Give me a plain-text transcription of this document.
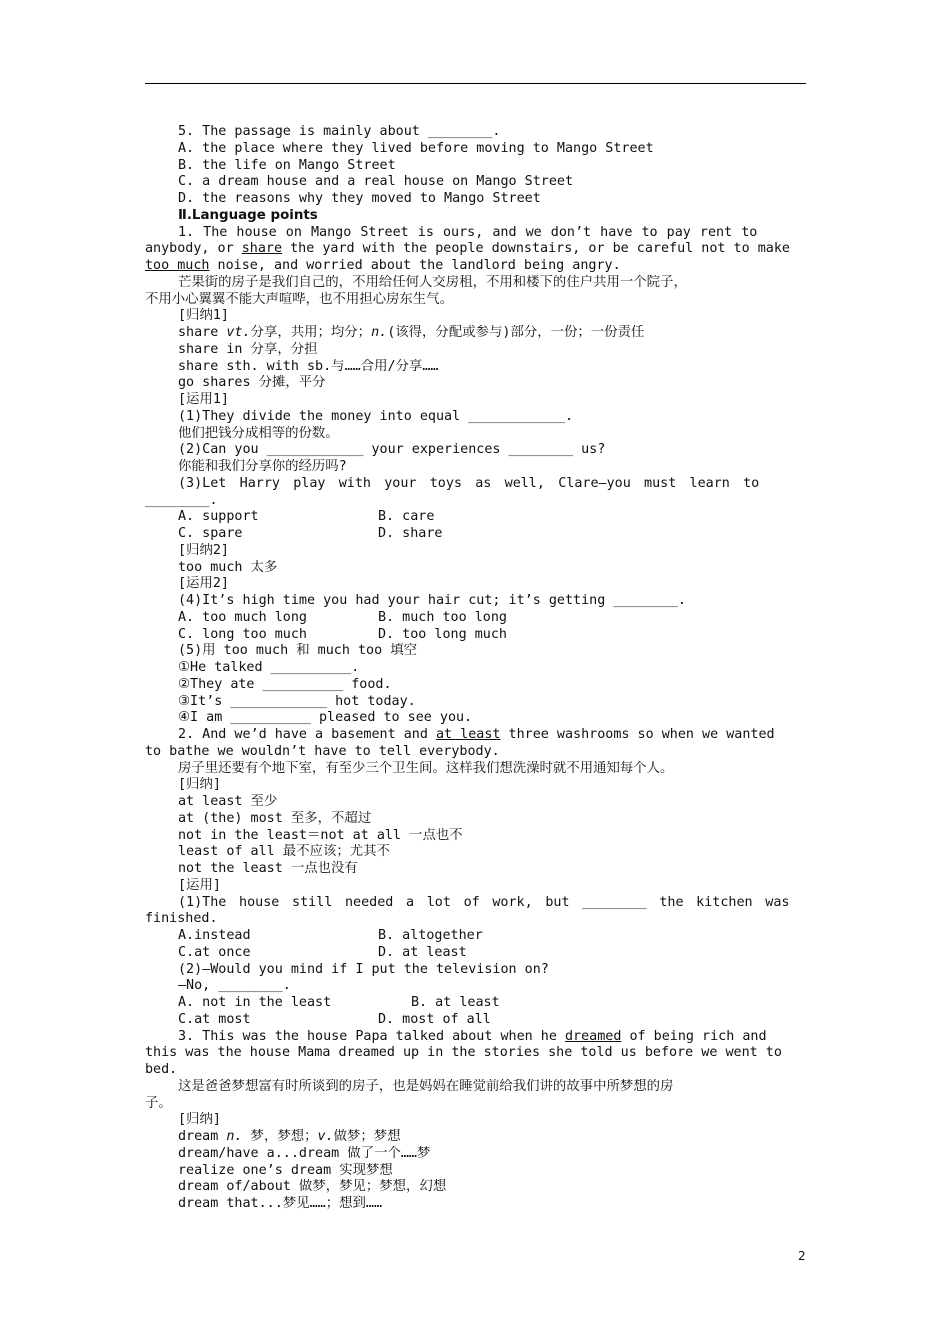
5. The passage is mainly about ________.
A. the place where they lived before moving to Mango Street
B. the life on Mango Street
C. a dream house and a real house on Mango Street
D. the reasons why they moved to Mango Street
Ⅱ.Language points
1. The house on Mango Street is ours, and we don’t have to pay rent to
anybody, or share the yard with the people downstairs, or be careful not to make
too much noise, and worried about the landlord being angry.
芒果街的房子是我们自己的，不用给任何人交房租，不用和楼下的住户共用一个院子，
不用小心翼翼不能大声喧哗，也不用担心房东生气。
[归纳1]
share vt.分享，共用；均分；n.(该得，分配或参与)部分，一份；一份责任
share in 分享，分担
share sth. with sb.与……合用/分享……
go shares 分摊，平分
[运用1]
(1)They divide the money into equal ____________.
他们把钱分成相等的份数。
(2)Can you ____________ your experiences ________ us?
你能和我们分享你的经历吗?
(3)Let Harry play with your toys as well, Clare—you must learn to
________.
A. support	B. care
C. spare	D. share
[归纳2]
too much 太多
[运用2]
(4)It’s high time you had your hair cut; it’s getting ________.
A. too much long	B. much too long
C. long too much	D. too long much
(5)用 too much 和 much too 填空
①He talked __________.
②They ate __________ food.
③It’s ____________ hot today.
④I am __________ pleased to see you.
2. And we’d have a basement and at least three washrooms so when we wanted
to bathe we wouldn’t have to tell everybody.
房子里还要有个地下室，有至少三个卫生间。这样我们想洗澡时就不用通知每个人。
[归纳]
at least 至少
at (the) most 至多，不超过
not in the least＝not at all 一点也不
least of all 最不应该；尤其不
not the least 一点也没有
[运用]
(1)The house still needed a lot of work, but ________ the kitchen was
finished.
A.instead	B. altogether
C.at once	D. at least
(2)—Would you mind if I put the television on?
—No, ________.
A. not in the least	B. at least
C.at most	D. most of all
3. This was the house Papa talked about when he dreamed of being rich and
this was the house Mama dreamed up in the stories she told us before we went to
bed.
这是爸爸梦想富有时所谈到的房子，也是妈妈在睡觉前给我们讲的故事中所梦想的房
子。
[归纳]
dream n. 梦，梦想；v.做梦；梦想
dream/have a...dream 做了一个……梦
realize one’s dream 实现梦想
dream of/about 做梦，梦见；梦想，幻想
dream that...梦见……；想到……
2
